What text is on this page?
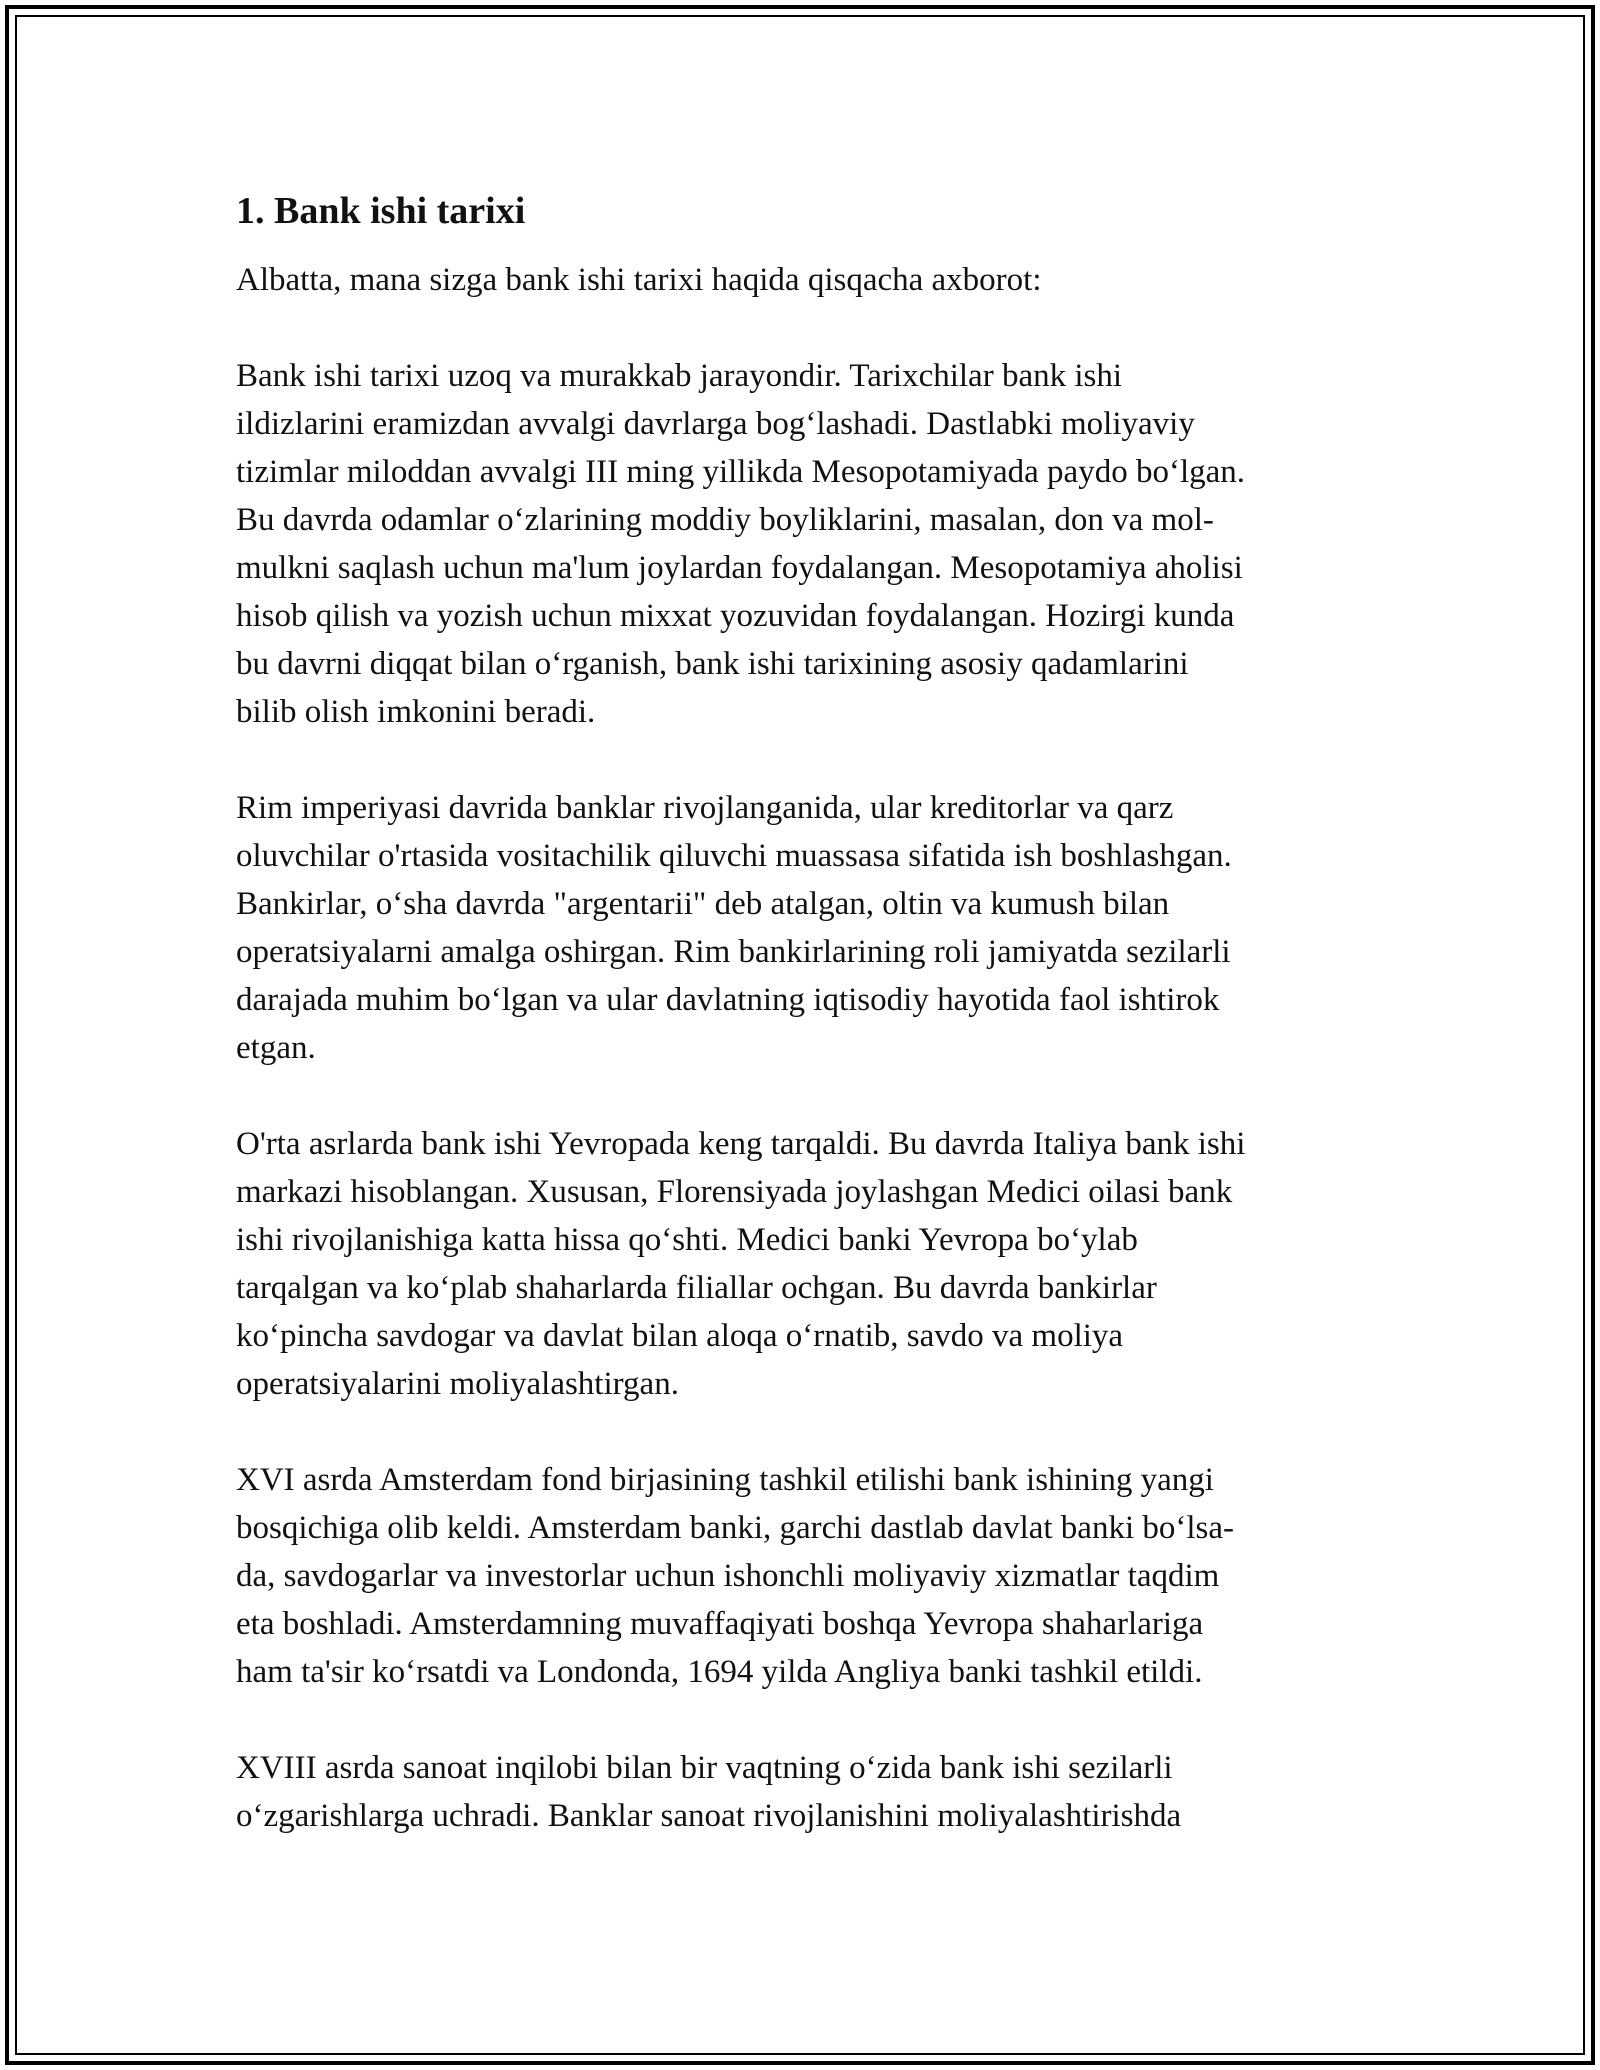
1. Bank ishi tarixi
Albatta, mana sizga bank ishi tarixi haqida qisqacha axborot:
Bank ishi tarixi uzoq va murakkab jarayondir. Tarixchilar bank ishi
ildizlarini eramizdan avvalgi davrlarga bog‘lashadi. Dastlabki moliyaviy
tizimlar miloddan avvalgi III ming yillikda Mesopotamiyada paydo bo‘lgan.
Bu davrda odamlar o‘zlarining moddiy boyliklarini, masalan, don va mol-
mulkni saqlash uchun ma'lum joylardan foydalangan. Mesopotamiya aholisi
hisob qilish va yozish uchun mixxat yozuvidan foydalangan. Hozirgi kunda
bu davrni diqqat bilan o‘rganish, bank ishi tarixining asosiy qadamlarini
bilib olish imkonini beradi.
Rim imperiyasi davrida banklar rivojlanganida, ular kreditorlar va qarz
oluvchilar o'rtasida vositachilik qiluvchi muassasa sifatida ish boshlashgan.
Bankirlar, o‘sha davrda "argentarii" deb atalgan, oltin va kumush bilan
operatsiyalarni amalga oshirgan. Rim bankirlarining roli jamiyatda sezilarli
darajada muhim bo‘lgan va ular davlatning iqtisodiy hayotida faol ishtirok
etgan.
O'rta asrlarda bank ishi Yevropada keng tarqaldi. Bu davrda Italiya bank ishi
markazi hisoblangan. Xususan, Florensiyada joylashgan Medici oilasi bank
ishi rivojlanishiga katta hissa qo‘shti. Medici banki Yevropa bo‘ylab
tarqalgan va ko‘plab shaharlarda filiallar ochgan. Bu davrda bankirlar
ko‘pincha savdogar va davlat bilan aloqa o‘rnatib, savdo va moliya
operatsiyalarini moliyalashtirgan.
XVI asrda Amsterdam fond birjasining tashkil etilishi bank ishining yangi
bosqichiga olib keldi. Amsterdam banki, garchi dastlab davlat banki bo‘lsa-
da, savdogarlar va investorlar uchun ishonchli moliyaviy xizmatlar taqdim
eta boshladi. Amsterdamning muvaffaqiyati boshqa Yevropa shaharlariga
ham ta'sir ko‘rsatdi va Londonda, 1694 yilda Angliya banki tashkil etildi.
XVIII asrda sanoat inqilobi bilan bir vaqtning o‘zida bank ishi sezilarli
o‘zgarishlarga uchradi. Banklar sanoat rivojlanishini moliyalashtirishda
